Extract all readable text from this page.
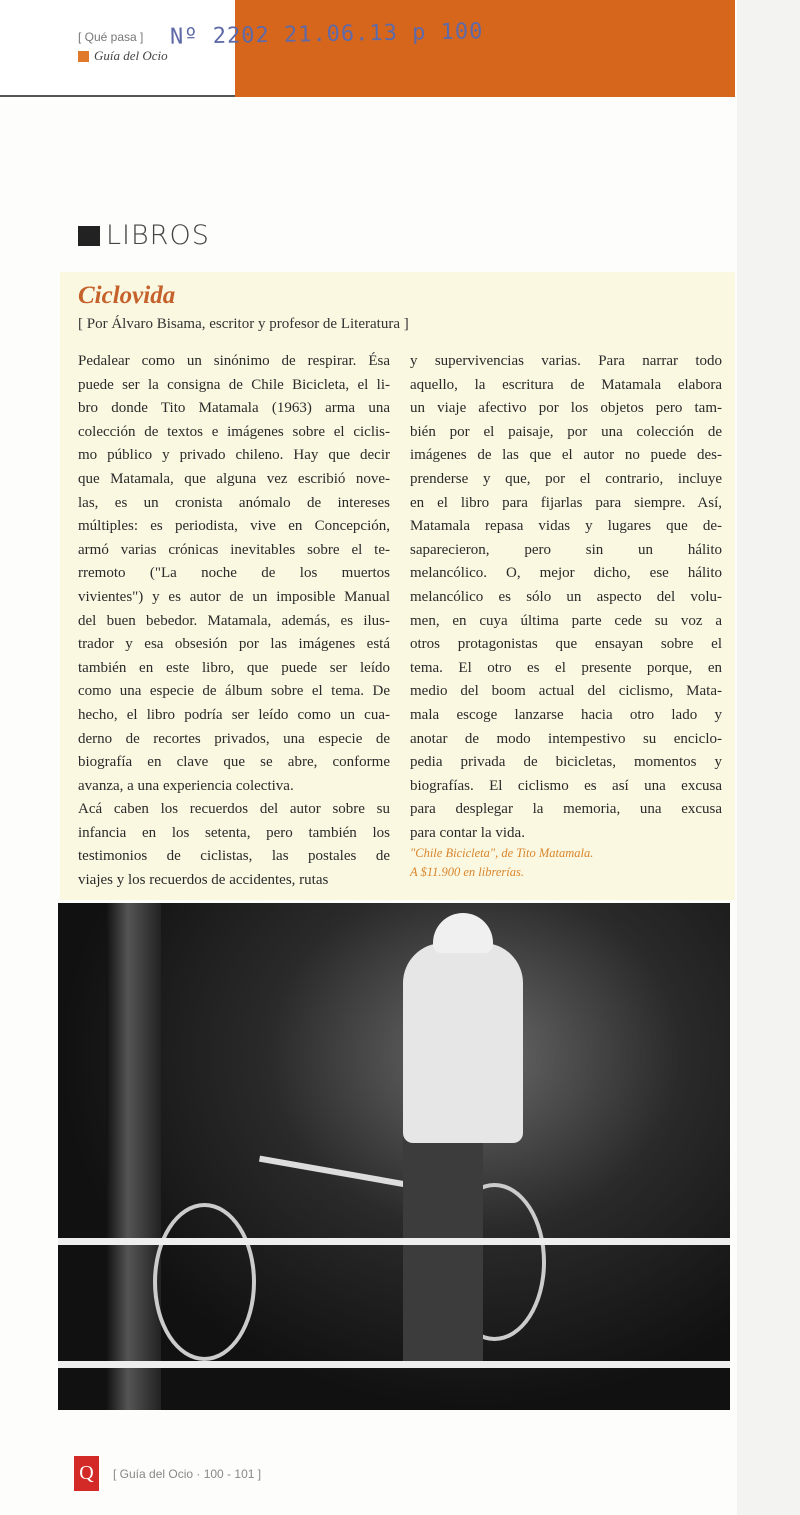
[ Qué pasa ]
Guía del Ocio
Nº 2202 21.06.13 p 100
LIBROS
Ciclovida
[ Por Álvaro Bisama, escritor y profesor de Literatura ]
Pedalear como un sinónimo de respirar. Ésa
puede ser la consigna de Chile Bicicleta, el li-
bro donde Tito Matamala (1963) arma una
colección de textos e imágenes sobre el ciclis-
mo público y privado chileno. Hay que decir
que Matamala, que alguna vez escribió nove-
las, es un cronista anómalo de intereses
múltiples: es periodista, vive en Concepción,
armó varias crónicas inevitables sobre el te-
rremoto ("La noche de los muertos
vivientes") y es autor de un imposible Manual
del buen bebedor. Matamala, además, es ilus-
trador y esa obsesión por las imágenes está
también en este libro, que puede ser leído
como una especie de álbum sobre el tema. De
hecho, el libro podría ser leído como un cua-
derno de recortes privados, una especie de
biografía en clave que se abre, conforme
avanza, a una experiencia colectiva.
Acá caben los recuerdos del autor sobre su
infancia en los setenta, pero también los
testimonios de ciclistas, las postales de
viajes y los recuerdos de accidentes, rutas
y supervivencias varias. Para narrar todo
aquello, la escritura de Matamala elabora
un viaje afectivo por los objetos pero tam-
bién por el paisaje, por una colección de
imágenes de las que el autor no puede des-
prenderse y que, por el contrario, incluye
en el libro para fijarlas para siempre. Así,
Matamala repasa vidas y lugares que de-
saparecieron, pero sin un hálito
melancólico. O, mejor dicho, ese hálito
melancólico es sólo un aspecto del volu-
men, en cuya última parte cede su voz a
otros protagonistas que ensayan sobre el
tema. El otro es el presente porque, en
medio del boom actual del ciclismo, Mata-
mala escoge lanzarse hacia otro lado y
anotar de modo intempestivo su enciclo-
pedia privada de bicicletas, momentos y
biografías. El ciclismo es así una excusa
para desplegar la memoria, una excusa
para contar la vida.
"Chile Bicicleta", de Tito Matamala.
A $11.900 en librerías.
Q	[ Guía del Ocio · 100 - 101 ]
